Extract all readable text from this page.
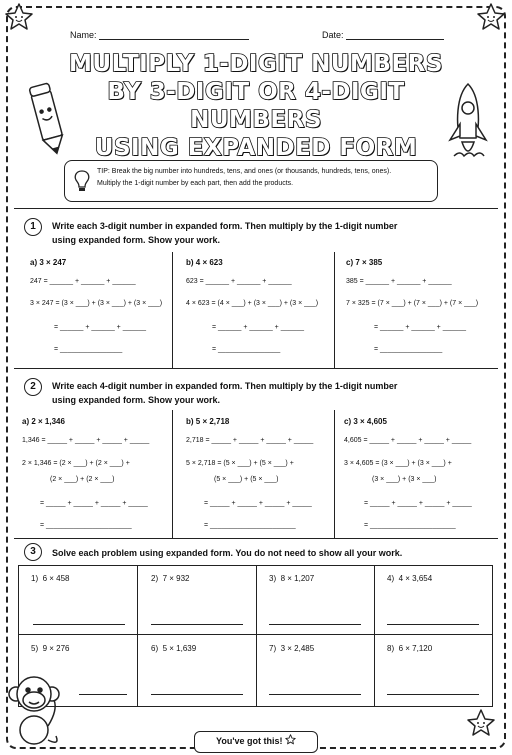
Name:	Date:
MULTIPLY 1-DIGIT NUMBERS
BY 3-DIGIT OR 4-DIGIT NUMBERS
USING EXPANDED FORM
TIP: Break the big number into hundreds, tens, and ones (or thousands, hundreds, tens, ones).
Multiply the 1-digit number by each part, then add the products.
1	Write each 3-digit number in expanded form. Then multiply by the 1-digit number
using expanded form. Show your work.
a) 3 × 247
247 = ______ + ______ + ______
3 × 247 = (3 × ___) + (3 × ___) + (3 × ___)
= ______ + ______ + ______
= ________________
b) 4 × 623
623 = ______ + ______ + ______
4 × 623 = (4 × ___) + (3 × ___) + (3 × ___)
= ______ + ______ + ______
= ________________
c) 7 × 385
385 = ______ + ______ + ______
7 × 325 = (7 × ___) + (7 × ___) + (7 × ___)
= ______ + ______ + ______
= ________________
2	Write each 4-digit number in expanded form. Then multiply by the 1-digit number
using expanded form. Show your work.
a) 2 × 1,346
1,346 = _____ + _____ + _____ + _____
2 × 1,346 = (2 × ___) + (2 × ___) +
(2 × ___) + (2 × ___)
= _____ + _____ + _____ + _____
= ______________________
b) 5 × 2,718
2,718 = _____ + _____ + _____ + _____
5 × 2,718 = (5 × ___) + (5 × ___) +
(5 × ___) + (5 × ___)
= _____ + _____ + _____ + _____
= ______________________
c) 3 × 4,605
4,605 = _____ + _____ + _____ + _____
3 × 4,605 = (3 × ___) + (3 × ___) +
(3 × ___) + (3 × ___)
= _____ + _____ + _____ + _____
= ______________________
3	Solve each problem using expanded form. You do not need to show all your work.
1) 6 × 458	2) 7 × 932	3) 8 × 1,207	4) 4 × 3,654
5) 9 × 276	6) 5 × 1,639	7) 3 × 2,485	8) 6 × 7,120
You've got this!
